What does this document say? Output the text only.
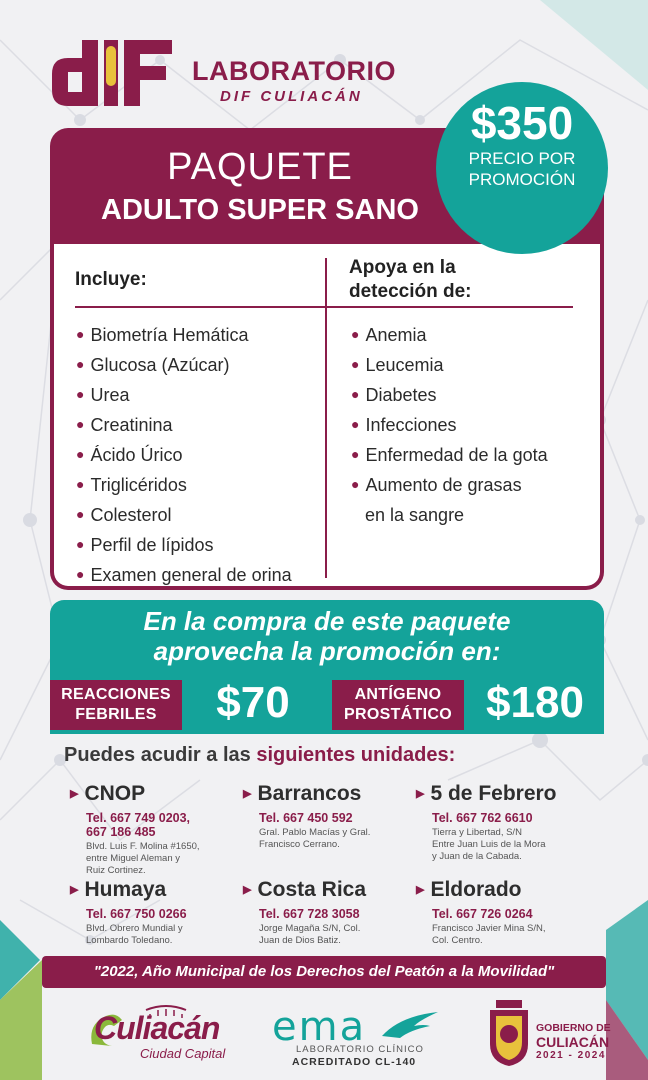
LABORATORIO
DIF CULIACÁN
PAQUETE
ADULTO SUPER SANO
$350
PRECIO POR
PROMOCIÓN
Incluye:
Apoya en la
detección de:
● Biometría Hemática
● Glucosa (Azúcar)
● Urea
● Creatinina
● Ácido Úrico
● Triglicéridos
● Colesterol
● Perfil de lípidos
● Examen general de orina
● Anemia
● Leucemia
● Diabetes
● Infecciones
● Enfermedad de la gota
● Aumento de grasas
en la sangre
En la compra de este paquete
aprovecha la promoción en:
REACCIONES
FEBRILES	$70	ANTÍGENO
PROSTÁTICO $180
Puedes acudir a las siguientes unidades:
▶ CNOP
Tel. 667 749 0203,
667 186 485
Blvd. Luis F. Molina #1650,
entre Miguel Aleman y
Ruiz Cortinez.
▶ Barrancos
Tel. 667 450 592
Gral. Pablo Macías y Gral.
Francisco Cerrano.
▶ 5 de Febrero
Tel. 667 762 6610
Tierra y Libertad, S/N
Entre Juan Luis de la Mora
y Juan de la Cabada.
▶ Humaya
Tel. 667 750 0266
Blvd. Obrero Mundial y
Lombardo Toledano.
▶ Costa Rica
Tel. 667 728 3058
Jorge Magaña S/N, Col.
Juan de Dios Batiz.
▶ Eldorado
Tel. 667 726 0264
Francisco Javier Mina S/N,
Col. Centro.
"2022, Año Municipal de los Derechos del Peatón a la Movilidad"
Culiacán
Ciudad Capital
ema
LABORATORIO CLÍNICO
ACREDITADO CL-140
GOBIERNO DE
CULIACÁN
2021 - 2024
